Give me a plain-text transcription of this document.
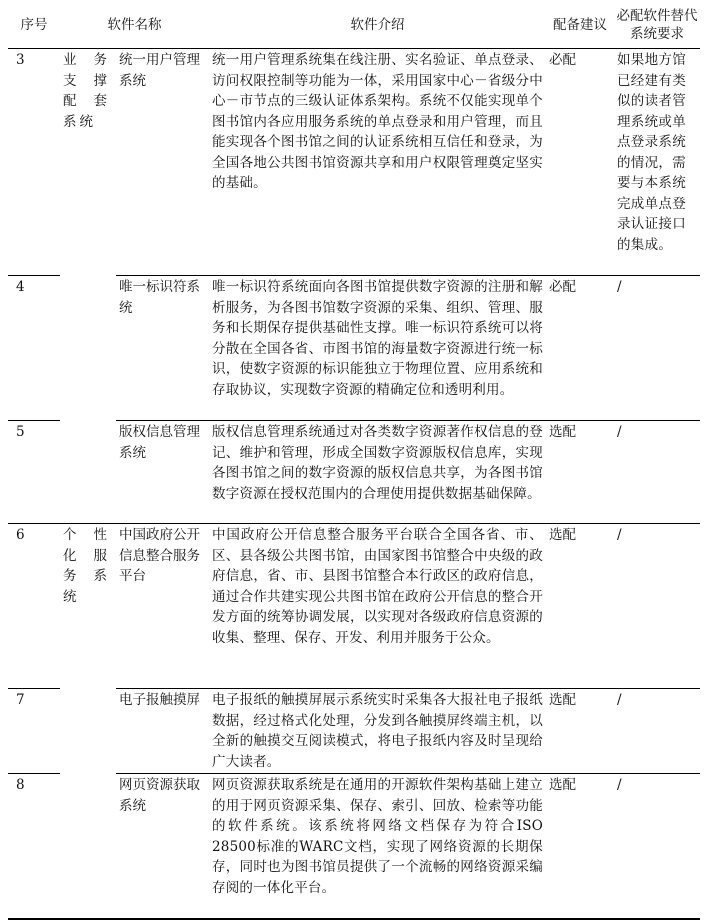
序号	软件名称		软件介绍	配备建议	必配软件替代系统要求
3	业务支撑配套系统	统一用户管理系统	统一用户管理系统集在线注册、实名验证、单点登录、访问权限控制等功能为一体，采用国家中心－省级分中心－市节点的三级认证体系架构。系统不仅能实现单个图书馆内各应用服务系统的单点登录和用户管理，而且能实现各个图书馆之间的认证系统相互信任和登录，为全国各地公共图书馆资源共享和用户权限管理奠定坚实的基础。	必配	如果地方馆已经建有类似的读者管理系统或单点登录系统的情况，需要与本系统完成单点登录认证接口的集成。
4		唯一标识符系统	唯一标识符系统面向各图书馆提供数字资源的注册和解析服务，为各图书馆数字资源的采集、组织、管理、服务和长期保存提供基础性支撑。唯一标识符系统可以将分散在全国各省、市图书馆的海量数字资源进行统一标识，使数字资源的标识能独立于物理位置、应用系统和存取协议，实现数字资源的精确定位和透明利用。	必配	/
5		版权信息管理系统	版权信息管理系统通过对各类数字资源著作权信息的登记、维护和管理，形成全国数字资源版权信息库，实现各图书馆之间的数字资源的版权信息共享，为各图书馆数字资源在授权范围内的合理使用提供数据基础保障。	选配	/
6	个性化服务系统	中国政府公开信息整合服务平台	中国政府公开信息整合服务平台联合全国各省、市、区、县各级公共图书馆，由国家图书馆整合中央级的政府信息，省、市、县图书馆整合本行政区的政府信息，通过合作共建实现公共图书馆在政府公开信息的整合开发方面的统筹协调发展，以实现对各级政府信息资源的收集、整理、保存、开发、利用并服务于公众。	选配	/
7		电子报触摸屏	电子报纸的触摸屏展示系统实时采集各大报社电子报纸数据，经过格式化处理，分发到各触摸屏终端主机，以全新的触摸交互阅读模式，将电子报纸内容及时呈现给广大读者。	选配	/
8		网页资源获取系统	网页资源获取系统是在通用的开源软件架构基础上建立的用于网页资源采集、保存、索引、回放、检索等功能的软件系统。该系统将网络文档保存为符合ISO 28500标准的WARC文档，实现了网络资源的长期保存，同时也为图书馆员提供了一个流畅的网络资源采编存阅的一体化平台。	选配	/
